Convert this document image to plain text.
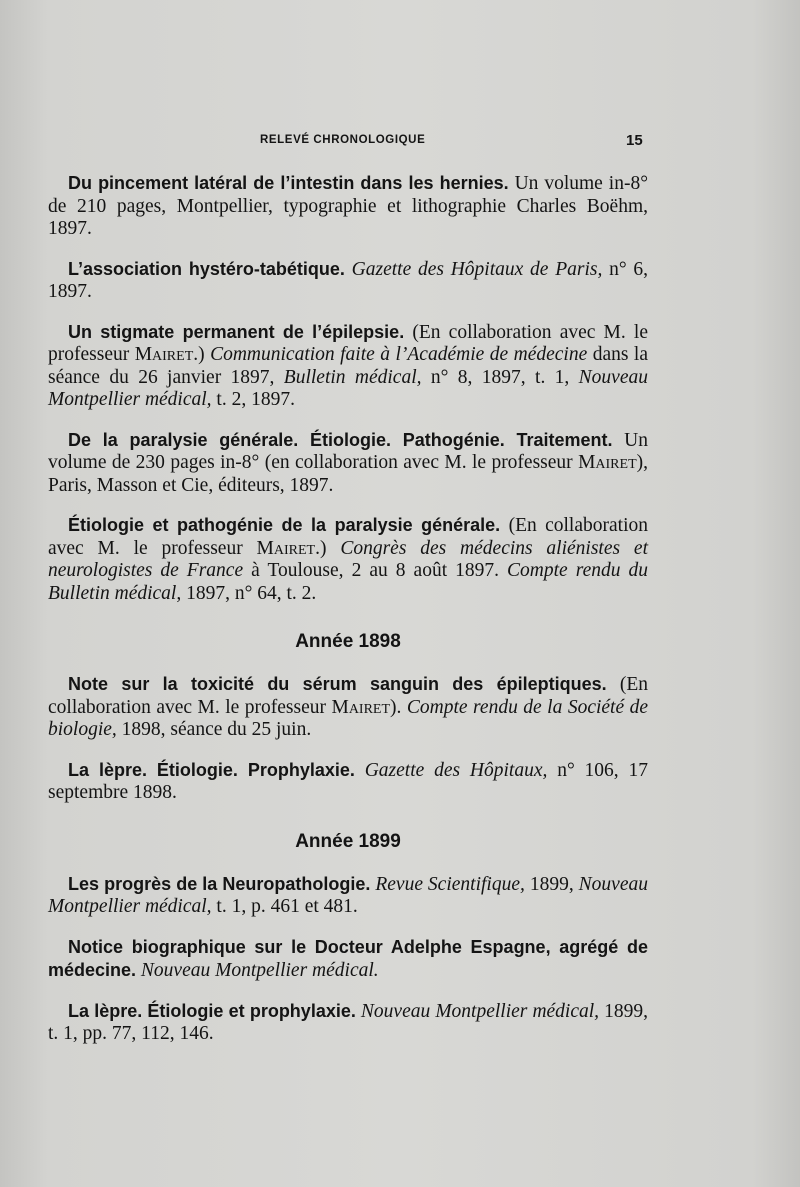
RELEVÉ CHRONOLOGIQUE	15

Du pincement latéral de l’intestin dans les hernies. Un volume in-8° de 210 pages, Montpellier, typographie et lithographie Charles Boëhm, 1897.

L’association hystéro-tabétique. Gazette des Hôpitaux de Paris, n° 6, 1897.

Un stigmate permanent de l’épilepsie. (En collaboration avec M. le professeur Mairet.) Communication faite à l’Académie de médecine dans la séance du 26 janvier 1897, Bulletin médical, n° 8, 1897, t. 1, Nouveau Montpellier médical, t. 2, 1897.

De la paralysie générale. Étiologie. Pathogénie. Traitement. Un volume de 230 pages in-8° (en collaboration avec M. le professeur Mairet), Paris, Masson et Cie, éditeurs, 1897.

Étiologie et pathogénie de la paralysie générale. (En collaboration avec M. le professeur Mairet.) Congrès des médecins aliénistes et neurologistes de France à Toulouse, 2 au 8 août 1897. Compte rendu du Bulletin médical, 1897, n° 64, t. 2.

Année 1898

Note sur la toxicité du sérum sanguin des épileptiques. (En collaboration avec M. le professeur Mairet). Compte rendu de la Société de biologie, 1898, séance du 25 juin.

La lèpre. Étiologie. Prophylaxie. Gazette des Hôpitaux, n° 106, 17 septembre 1898.

Année 1899

Les progrès de la Neuropathologie. Revue Scientifique, 1899, Nouveau Montpellier médical, t. 1, p. 461 et 481.

Notice biographique sur le Docteur Adelphe Espagne, agrégé de médecine. Nouveau Montpellier médical.

La lèpre. Étiologie et prophylaxie. Nouveau Montpellier médical, 1899, t. 1, pp. 77, 112, 146.
